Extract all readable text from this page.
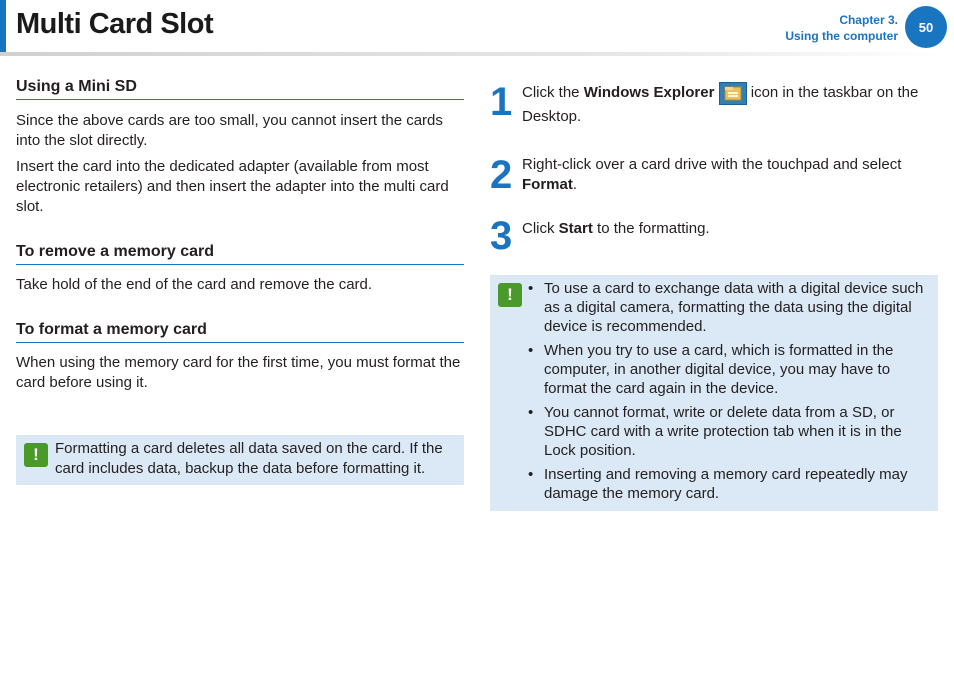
Multi Card Slot	Chapter 3.
Using the computer
50
Using a Mini SD

Since the above cards are too small, you cannot insert the cards into the slot directly.

Insert the card into the dedicated adapter (available from most electronic retailers) and then insert the adapter into the multi card slot.

To remove a memory card

Take hold of the end of the card and remove the card.

To format a memory card

When using the memory card for the first time, you must format the card before using it.

!	Formatting a card deletes all data saved on the card. If the card includes data, backup the data before formatting it.
1 Click the Windows Explorer
icon in the taskbar on the Desktop.
2 Right-click over a card drive with the touchpad and select Format.
3 Click Start to the formatting.
!	• To use a card to exchange data with a digital device such as a digital camera, formatting the data using the digital device is recommended.
• When you try to use a card, which is formatted in the computer, in another digital device, you may have to format the card again in the device.
• You cannot format, write or delete data from a SD, or SDHC card with a write protection tab when it is in the Lock position.
• Inserting and removing a memory card repeatedly may damage the memory card.
